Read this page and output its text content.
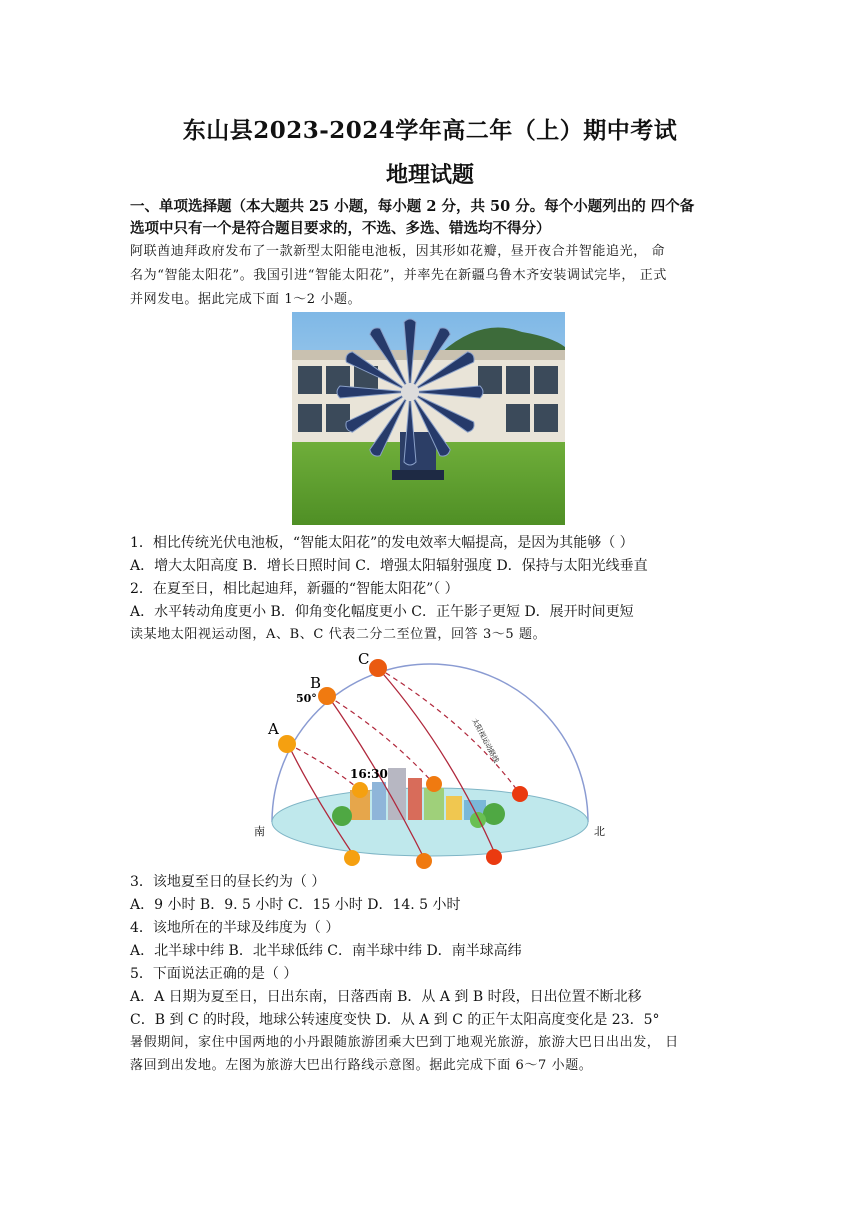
东山县2023-2024学年高二年（上）期中考试
地理试题
一、单项选择题（本大题共 25 小题，每小题 2 分，共 50 分。每个小题列出的 四个备
选项中只有一个是符合题目要求的，不选、多选、错选均不得分）
阿联酋迪拜政府发布了一款新型太阳能电池板，因其形如花瓣，昼开夜合并智能追光， 命
名为“智能太阳花”。我国引进“智能太阳花”，并率先在新疆乌鲁木齐安装调试完毕， 正式
并网发电。据此完成下面 1～2 小题。
1．相比传统光伏电池板，“智能太阳花”的发电效率大幅提高，是因为其能够（ ）
A．增大太阳高度 B．增长日照时间 C．增强太阳辐射强度 D．保持与太阳光线垂直
2．在夏至日，相比起迪拜，新疆的“智能太阳花”（ ）
A．水平转动角度更小 B．仰角变化幅度更小 C．正午影子更短 D．展开时间更短
读某地太阳视运动图，A、B、C 代表二分二至位置，回答 3～5 题。
A
B
C
50°
16:30
南	北
太阳视运动路线
3．该地夏至日的昼长约为（ ）
A．9 小时 B．9. 5 小时 C．15 小时 D．14. 5 小时
4．该地所在的半球及纬度为（ ）
A．北半球中纬 B．北半球低纬 C．南半球中纬 D．南半球高纬
5．下面说法正确的是（ ）
A．A 日期为夏至日，日出东南，日落西南 B．从 A 到 B 时段，日出位置不断北移
C．B 到 C 的时段，地球公转速度变快 D．从 A 到 C 的正午太阳高度变化是 23．5°
暑假期间，家住中国两地的小丹跟随旅游团乘大巴到丁地观光旅游，旅游大巴日出出发， 日
落回到出发地。左图为旅游大巴出行路线示意图。据此完成下面 6～7 小题。
